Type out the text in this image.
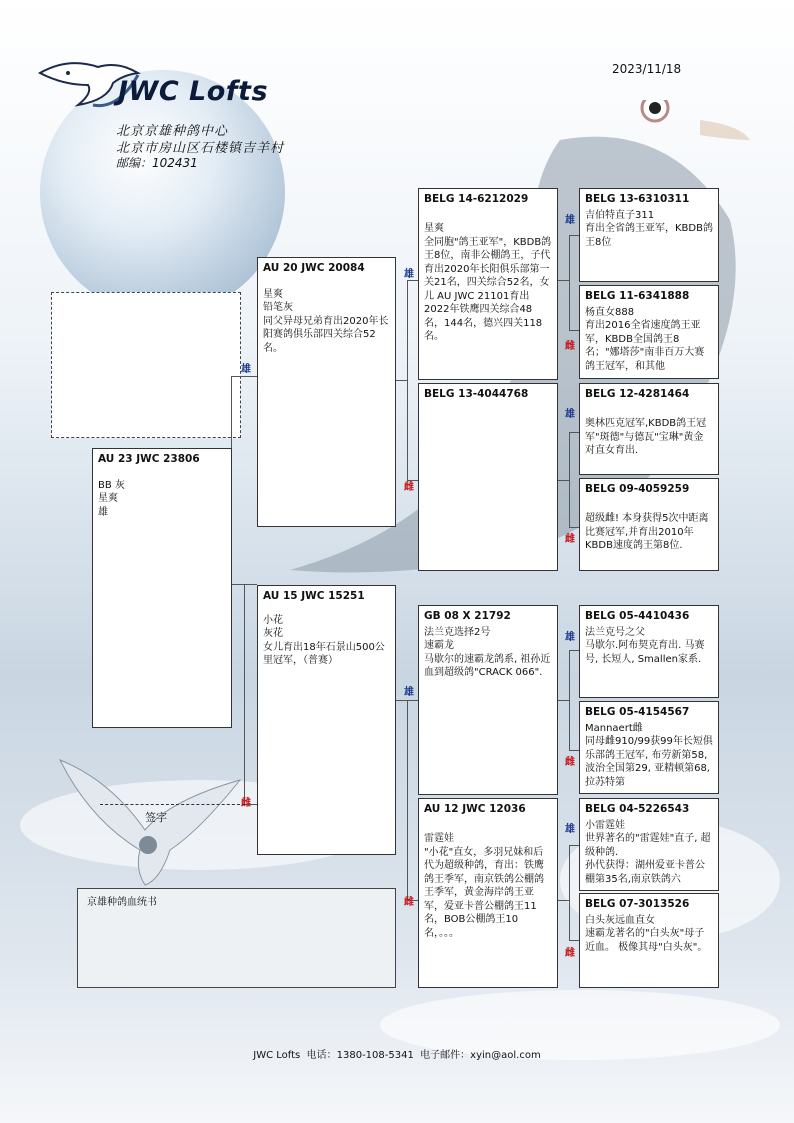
2023/11/18
JWC Lofts
北京京雄种鸽中心
北京市房山区石楼镇吉羊村
邮编：102431
AU 23 JWC 23806
BB 灰
星爽
雄
雄
AU 20 JWC 20084
星爽
铅笔灰
同父异母兄弟育出2020年长阳赛鸽俱乐部四关综合52名。
雌
AU 15 JWC 15251
小花
灰花
女儿育出18年石景山500公里冠军，（普赛）
雄
BELG 14-6212029

星爽
全同胞"鸽王亚军"，KBDB鸽王8位，南非公棚鸽王，子代育出2020年长阳俱乐部第一关21名，四关综合52名，女儿 AU JWC 21101育出2022年铁鹰四关综合48名，144名，德兴四关118名。
雌
BELG 13-4044768
雄
GB 08 X 21792
法兰克选择2号
速霸龙
马歇尔的速霸龙鸽系, 祖孙近血到超级鸽"CRACK 066".
雌
AU 12 JWC 12036

雷霆娃
"小花"直女，多羽兄妹和后代为超级种鸽，育出：铁鹰鸽王季军，南京铁鸽公棚鸽王季军，黄金海岸鸽王亚军，爱亚卡普公棚鸽王11名，BOB公棚鸽王10名，。。。
雄
BELG 13-6310311
吉伯特直子311
育出全省鸽王亚军，KBDB鸽王8位
雌
BELG 11-6341888
杨直女888
育出2016全省速度鸽王亚军，KBDB全国鸽王8名；"娜塔莎"南非百万大赛鸽王冠军，和其他
雄
BELG 12-4281464

奥林匹克冠军,KBDB鸽王冠军"斑德"与德瓦"宝琳"黄金对直女育出.
雌
BELG 09-4059259

超级雌! 本身获得5次中距离比赛冠军,并育出2010年KBDB速度鸽王第8位.
雄
BELG 05-4410436
法兰克号之父
马歇尔.阿布契克育出. 马赛号, 长短人, Smallen家系.
雌
BELG 05-4154567
Mannaert雌
同母雌910/99获99年长短俱乐部鸽王冠军, 布劳新第58, 波治全国第29, 亚精顿第68, 拉苏特第
雄
BELG 04-5226543
小雷霆娃
世界著名的"雷霆娃"直子, 超级种鸽.
孙代获得：湖州爱亚卡普公棚第35名,南京铁鸽六
雌
BELG 07-3013526
白头灰远血直女
速霸龙著名的"白头灰"母子近血。 极像其母"白头灰"。
签字
京雄种鸽血统书
JWC Lofts  电话：1380-108-5341  电子邮件：xyin@aol.com
